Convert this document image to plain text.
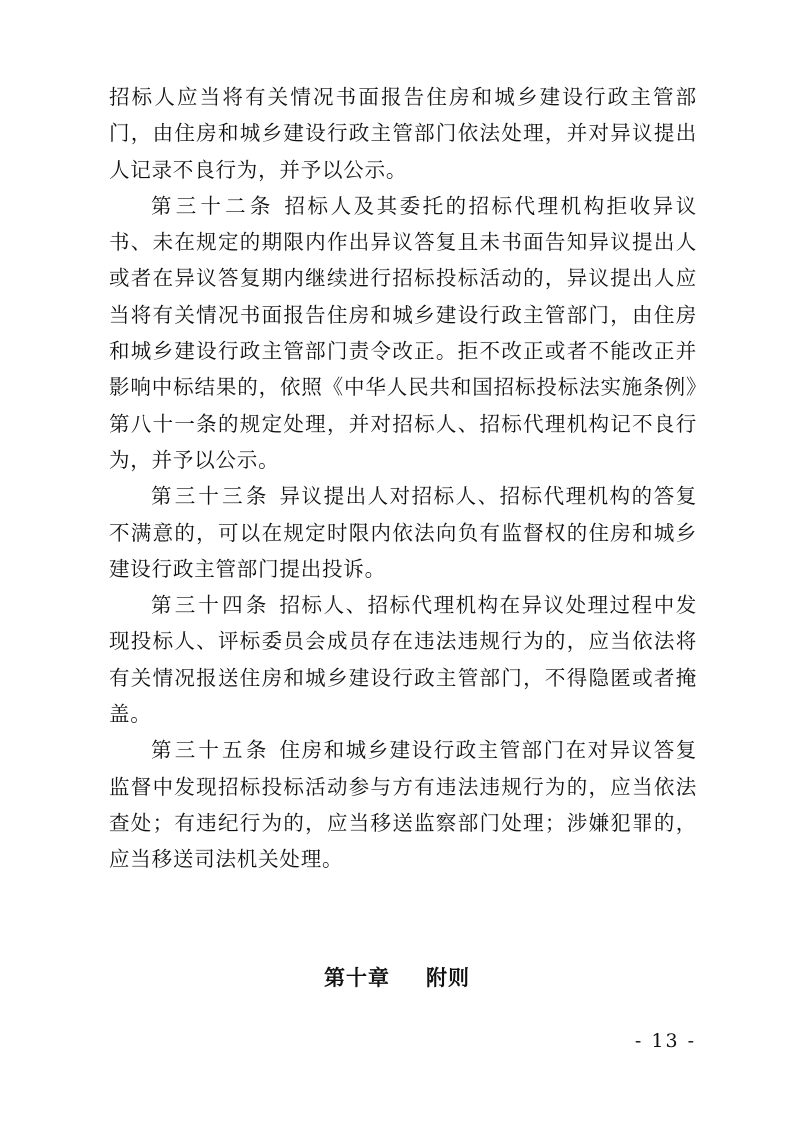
招标人应当将有关情况书面报告住房和城乡建设行政主管部门，由住房和城乡建设行政主管部门依法处理，并对异议提出人记录不良行为，并予以公示。

第三十二条 招标人及其委托的招标代理机构拒收异议书、未在规定的期限内作出异议答复且未书面告知异议提出人或者在异议答复期内继续进行招标投标活动的，异议提出人应当将有关情况书面报告住房和城乡建设行政主管部门，由住房和城乡建设行政主管部门责令改正。拒不改正或者不能改正并影响中标结果的，依照《中华人民共和国招标投标法实施条例》第八十一条的规定处理，并对招标人、招标代理机构记不良行为，并予以公示。

第三十三条 异议提出人对招标人、招标代理机构的答复不满意的，可以在规定时限内依法向负有监督权的住房和城乡建设行政主管部门提出投诉。

第三十四条 招标人、招标代理机构在异议处理过程中发现投标人、评标委员会成员存在违法违规行为的，应当依法将有关情况报送住房和城乡建设行政主管部门，不得隐匿或者掩盖。

第三十五条 住房和城乡建设行政主管部门在对异议答复监督中发现招标投标活动参与方有违法违规行为的，应当依法查处；有违纪行为的，应当移送监察部门处理；涉嫌犯罪的，应当移送司法机关处理。

第十章 附则
- 13 -
